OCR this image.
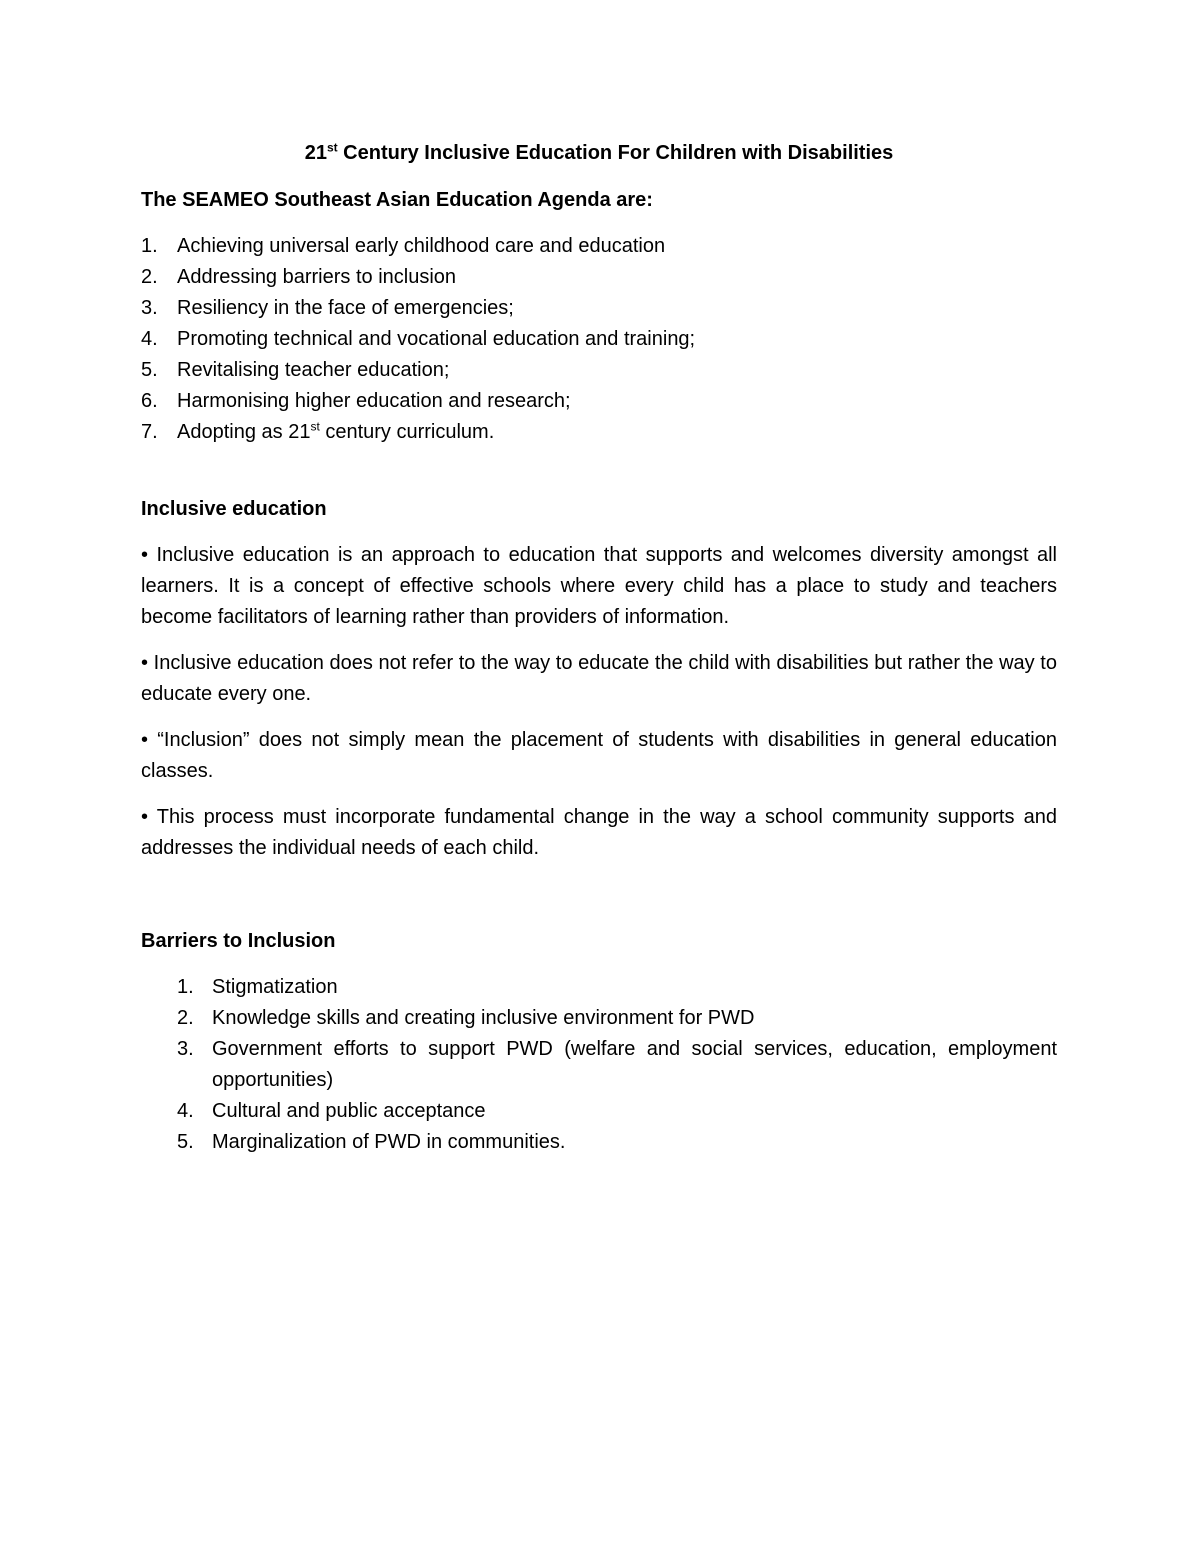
21st Century Inclusive Education For Children with Disabilities
The SEAMEO Southeast Asian Education Agenda are:
1. Achieving universal early childhood care and education
2. Addressing barriers to inclusion
3. Resiliency in the face of emergencies;
4. Promoting technical and vocational education and training;
5. Revitalising teacher education;
6. Harmonising higher education and research;
7. Adopting as 21st century curriculum.
Inclusive education

• Inclusive education is an approach to education that supports and welcomes diversity amongst all learners. It is a concept of effective schools where every child has a place to study and teachers become facilitators of learning rather than providers of information.

• Inclusive education does not refer to the way to educate the child with disabilities but rather the way to educate every one.

• “Inclusion” does not simply mean the placement of students with disabilities in general education classes.

• This process must incorporate fundamental change in the way a school community supports and addresses the individual needs of each child.

Barriers to Inclusion
1. Stigmatization
2. Knowledge skills and creating inclusive environment for PWD
3. Government efforts to support PWD (welfare and social services, education, employment opportunities)
4. Cultural and public acceptance
5. Marginalization of PWD in communities.
